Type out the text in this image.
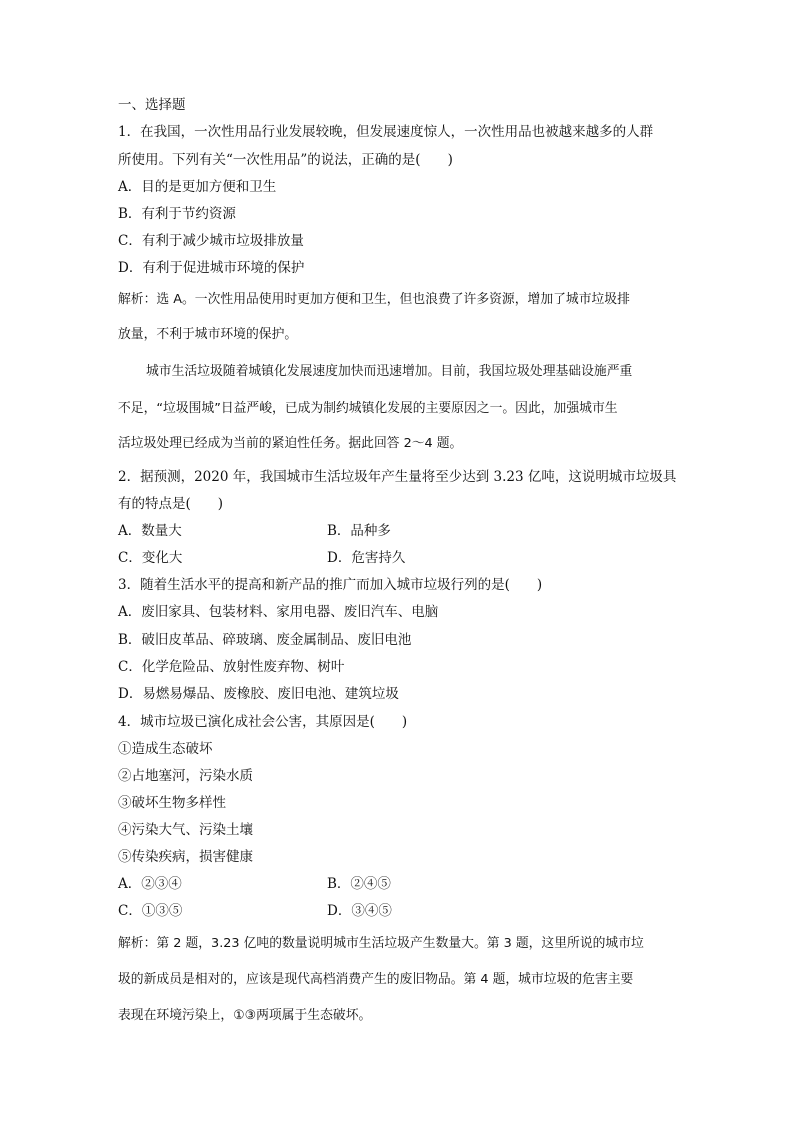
一、选择题
1．在我国，一次性用品行业发展较晚，但发展速度惊人，一次性用品也被越来越多的人群
所使用。下列有关“一次性用品”的说法，正确的是(　　)
A．目的是更加方便和卫生
B．有利于节约资源
C．有利于减少城市垃圾排放量
D．有利于促进城市环境的保护
解析：选 A。一次性用品使用时更加方便和卫生，但也浪费了许多资源，增加了城市垃圾排
放量，不利于城市环境的保护。
城市生活垃圾随着城镇化发展速度加快而迅速增加。目前，我国垃圾处理基础设施严重
不足，“垃圾围城”日益严峻，已成为制约城镇化发展的主要原因之一。因此，加强城市生
活垃圾处理已经成为当前的紧迫性任务。据此回答 2～4 题。
2．据预测，2020 年，我国城市生活垃圾年产生量将至少达到 3.23 亿吨，这说明城市垃圾具
有的特点是(　　)
A．数量大	B．品种多
C．变化大	D．危害持久
3．随着生活水平的提高和新产品的推广而加入城市垃圾行列的是(　　)
A．废旧家具、包装材料、家用电器、废旧汽车、电脑
B．破旧皮革品、碎玻璃、废金属制品、废旧电池
C．化学危险品、放射性废弃物、树叶
D．易燃易爆品、废橡胶、废旧电池、建筑垃圾
4．城市垃圾已演化成社会公害，其原因是(　　)
①造成生态破坏
②占地塞河，污染水质
③破坏生物多样性
④污染大气、污染土壤
⑤传染疾病，损害健康
A．②③④	B．②④⑤
C．①③⑤	D．③④⑤
解析：第 2 题，3.23 亿吨的数量说明城市生活垃圾产生数量大。第 3 题，这里所说的城市垃
圾的新成员是相对的，应该是现代高档消费产生的废旧物品。第 4 题，城市垃圾的危害主要
表现在环境污染上，①③两项属于生态破坏。
